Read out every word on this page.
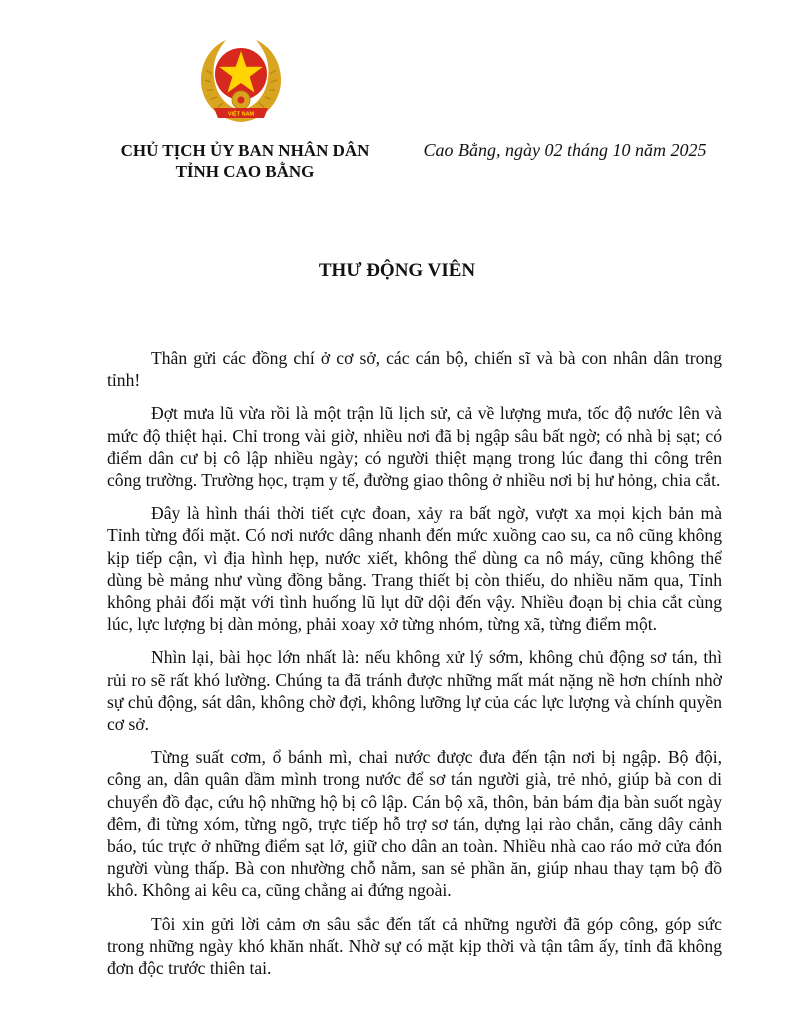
VIỆT NAM
CHỦ TỊCH ỦY BAN NHÂN DÂN
TỈNH CAO BẰNG
Cao Bằng, ngày 02 tháng 10 năm 2025
THƯ ĐỘNG VIÊN

Thân gửi các đồng chí ở cơ sở, các cán bộ, chiến sĩ và bà con nhân dân trong tỉnh!

Đợt mưa lũ vừa rồi là một trận lũ lịch sử, cả về lượng mưa, tốc độ nước lên và mức độ thiệt hại. Chỉ trong vài giờ, nhiều nơi đã bị ngập sâu bất ngờ; có nhà bị sạt; có điểm dân cư bị cô lập nhiều ngày; có người thiệt mạng trong lúc đang thi công trên công trường. Trường học, trạm y tế, đường giao thông ở nhiều nơi bị hư hỏng, chia cắt.

Đây là hình thái thời tiết cực đoan, xảy ra bất ngờ, vượt xa mọi kịch bản mà Tỉnh từng đối mặt. Có nơi nước dâng nhanh đến mức xuồng cao su, ca nô cũng không kịp tiếp cận, vì địa hình hẹp, nước xiết, không thể dùng ca nô máy, cũng không thể dùng bè mảng như vùng đồng bằng. Trang thiết bị còn thiếu, do nhiều năm qua, Tỉnh không phải đối mặt với tình huống lũ lụt dữ dội đến vậy. Nhiều đoạn bị chia cắt cùng lúc, lực lượng bị dàn mỏng, phải xoay xở từng nhóm, từng xã, từng điểm một.

Nhìn lại, bài học lớn nhất là: nếu không xử lý sớm, không chủ động sơ tán, thì rủi ro sẽ rất khó lường. Chúng ta đã tránh được những mất mát nặng nề hơn chính nhờ sự chủ động, sát dân, không chờ đợi, không lưỡng lự của các lực lượng và chính quyền cơ sở.

Từng suất cơm, ổ bánh mì, chai nước được đưa đến tận nơi bị ngập. Bộ đội, công an, dân quân dầm mình trong nước để sơ tán người già, trẻ nhỏ, giúp bà con di chuyển đồ đạc, cứu hộ những hộ bị cô lập. Cán bộ xã, thôn, bản bám địa bàn suốt ngày đêm, đi từng xóm, từng ngõ, trực tiếp hỗ trợ sơ tán, dựng lại rào chắn, căng dây cảnh báo, túc trực ở những điểm sạt lở, giữ cho dân an toàn. Nhiều nhà cao ráo mở cửa đón người vùng thấp. Bà con nhường chỗ nằm, san sẻ phần ăn, giúp nhau thay tạm bộ đồ khô. Không ai kêu ca, cũng chẳng ai đứng ngoài.

Tôi xin gửi lời cảm ơn sâu sắc đến tất cả những người đã góp công, góp sức trong những ngày khó khăn nhất. Nhờ sự có mặt kịp thời và tận tâm ấy, tỉnh đã không đơn độc trước thiên tai.
